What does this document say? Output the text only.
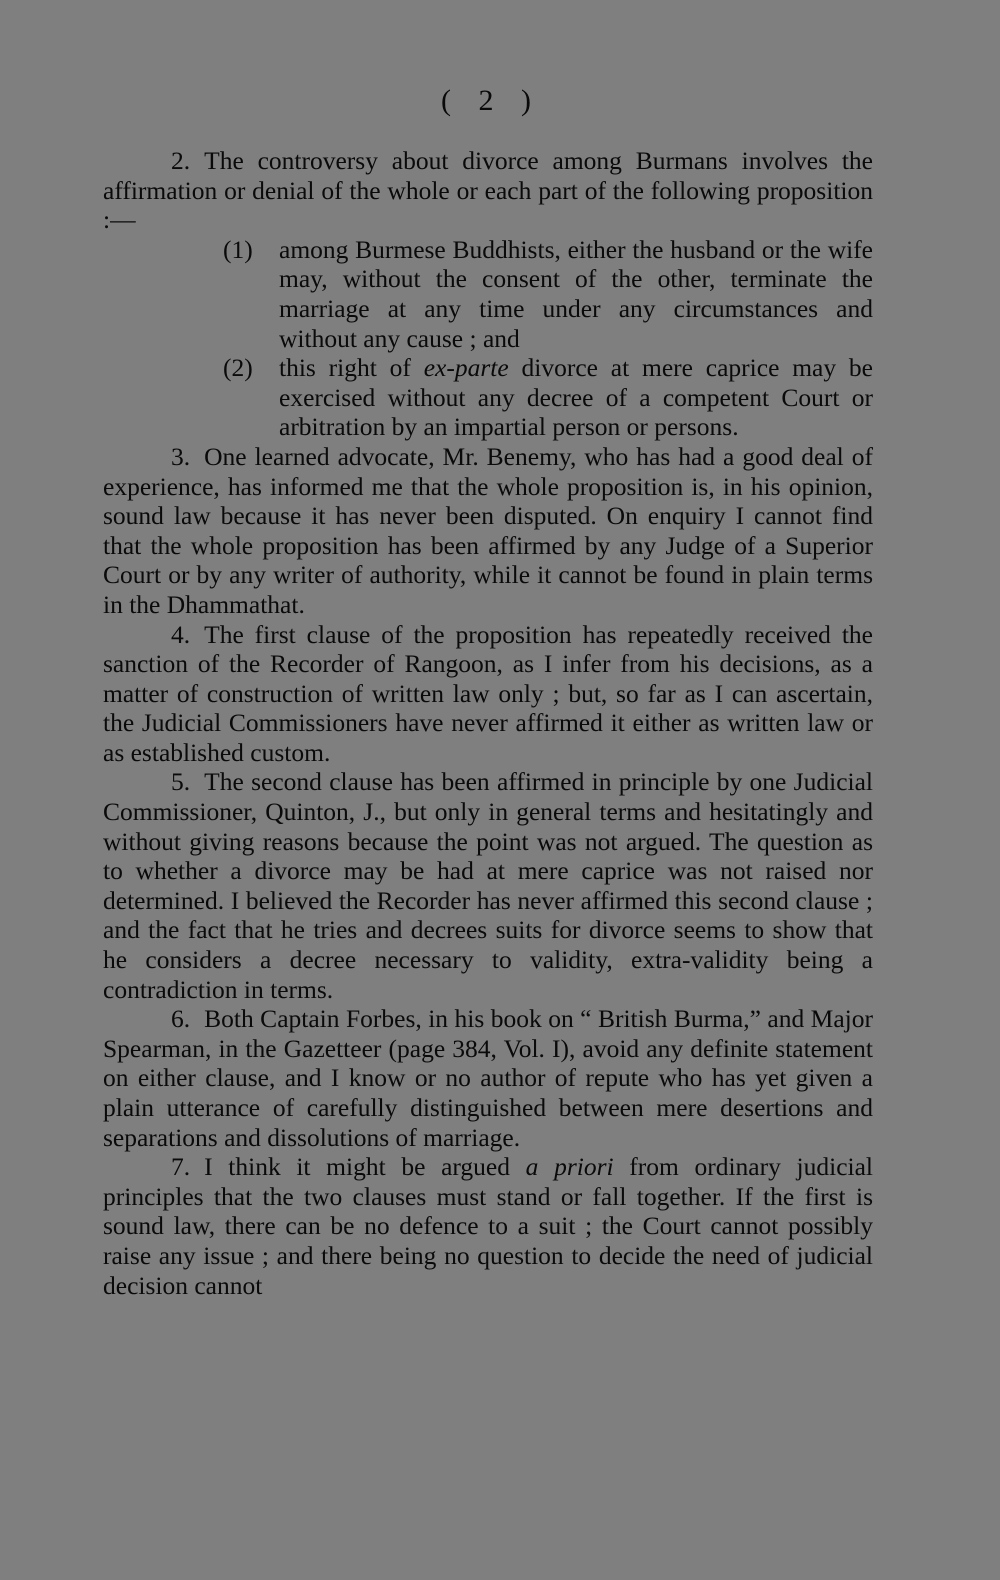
( 2 )

2. The controversy about divorce among Burmans involves the affirmation or denial of the whole or each part of the following proposition :—

(1) among Burmese Buddhists, either the husband or the wife may, without the consent of the other, terminate the marriage at any time under any circumstances and without any cause ; and

(2) this right of ex-parte divorce at mere caprice may be exercised without any decree of a competent Court or arbitration by an impartial person or persons.

3. One learned advocate, Mr. Benemy, who has had a good deal of experience, has informed me that the whole proposition is, in his opinion, sound law because it has never been disputed. On enquiry I cannot find that the whole proposition has been affirmed by any Judge of a Superior Court or by any writer of authority, while it cannot be found in plain terms in the Dhammathat.

4. The first clause of the proposition has repeatedly received the sanction of the Recorder of Rangoon, as I infer from his decisions, as a matter of construction of written law only ; but, so far as I can ascertain, the Judicial Commissioners have never affirmed it either as written law or as established custom.

5. The second clause has been affirmed in principle by one Judicial Commissioner, Quinton, J., but only in general terms and hesitatingly and without giving reasons because the point was not argued. The question as to whether a divorce may be had at mere caprice was not raised nor determined. I believed the Recorder has never affirmed this second clause ; and the fact that he tries and decrees suits for divorce seems to show that he considers a decree necessary to validity, extra-validity being a contradiction in terms.

6. Both Captain Forbes, in his book on “ British Burma,” and Major Spearman, in the Gazetteer (page 384, Vol. I), avoid any definite statement on either clause, and I know or no author of repute who has yet given a plain utterance of carefully distinguished between mere desertions and separations and dissolutions of marriage.

7. I think it might be argued a priori from ordinary judicial principles that the two clauses must stand or fall together. If the first is sound law, there can be no defence to a suit ; the Court cannot possibly raise any issue ; and there being no question to decide the need of judicial decision cannot
